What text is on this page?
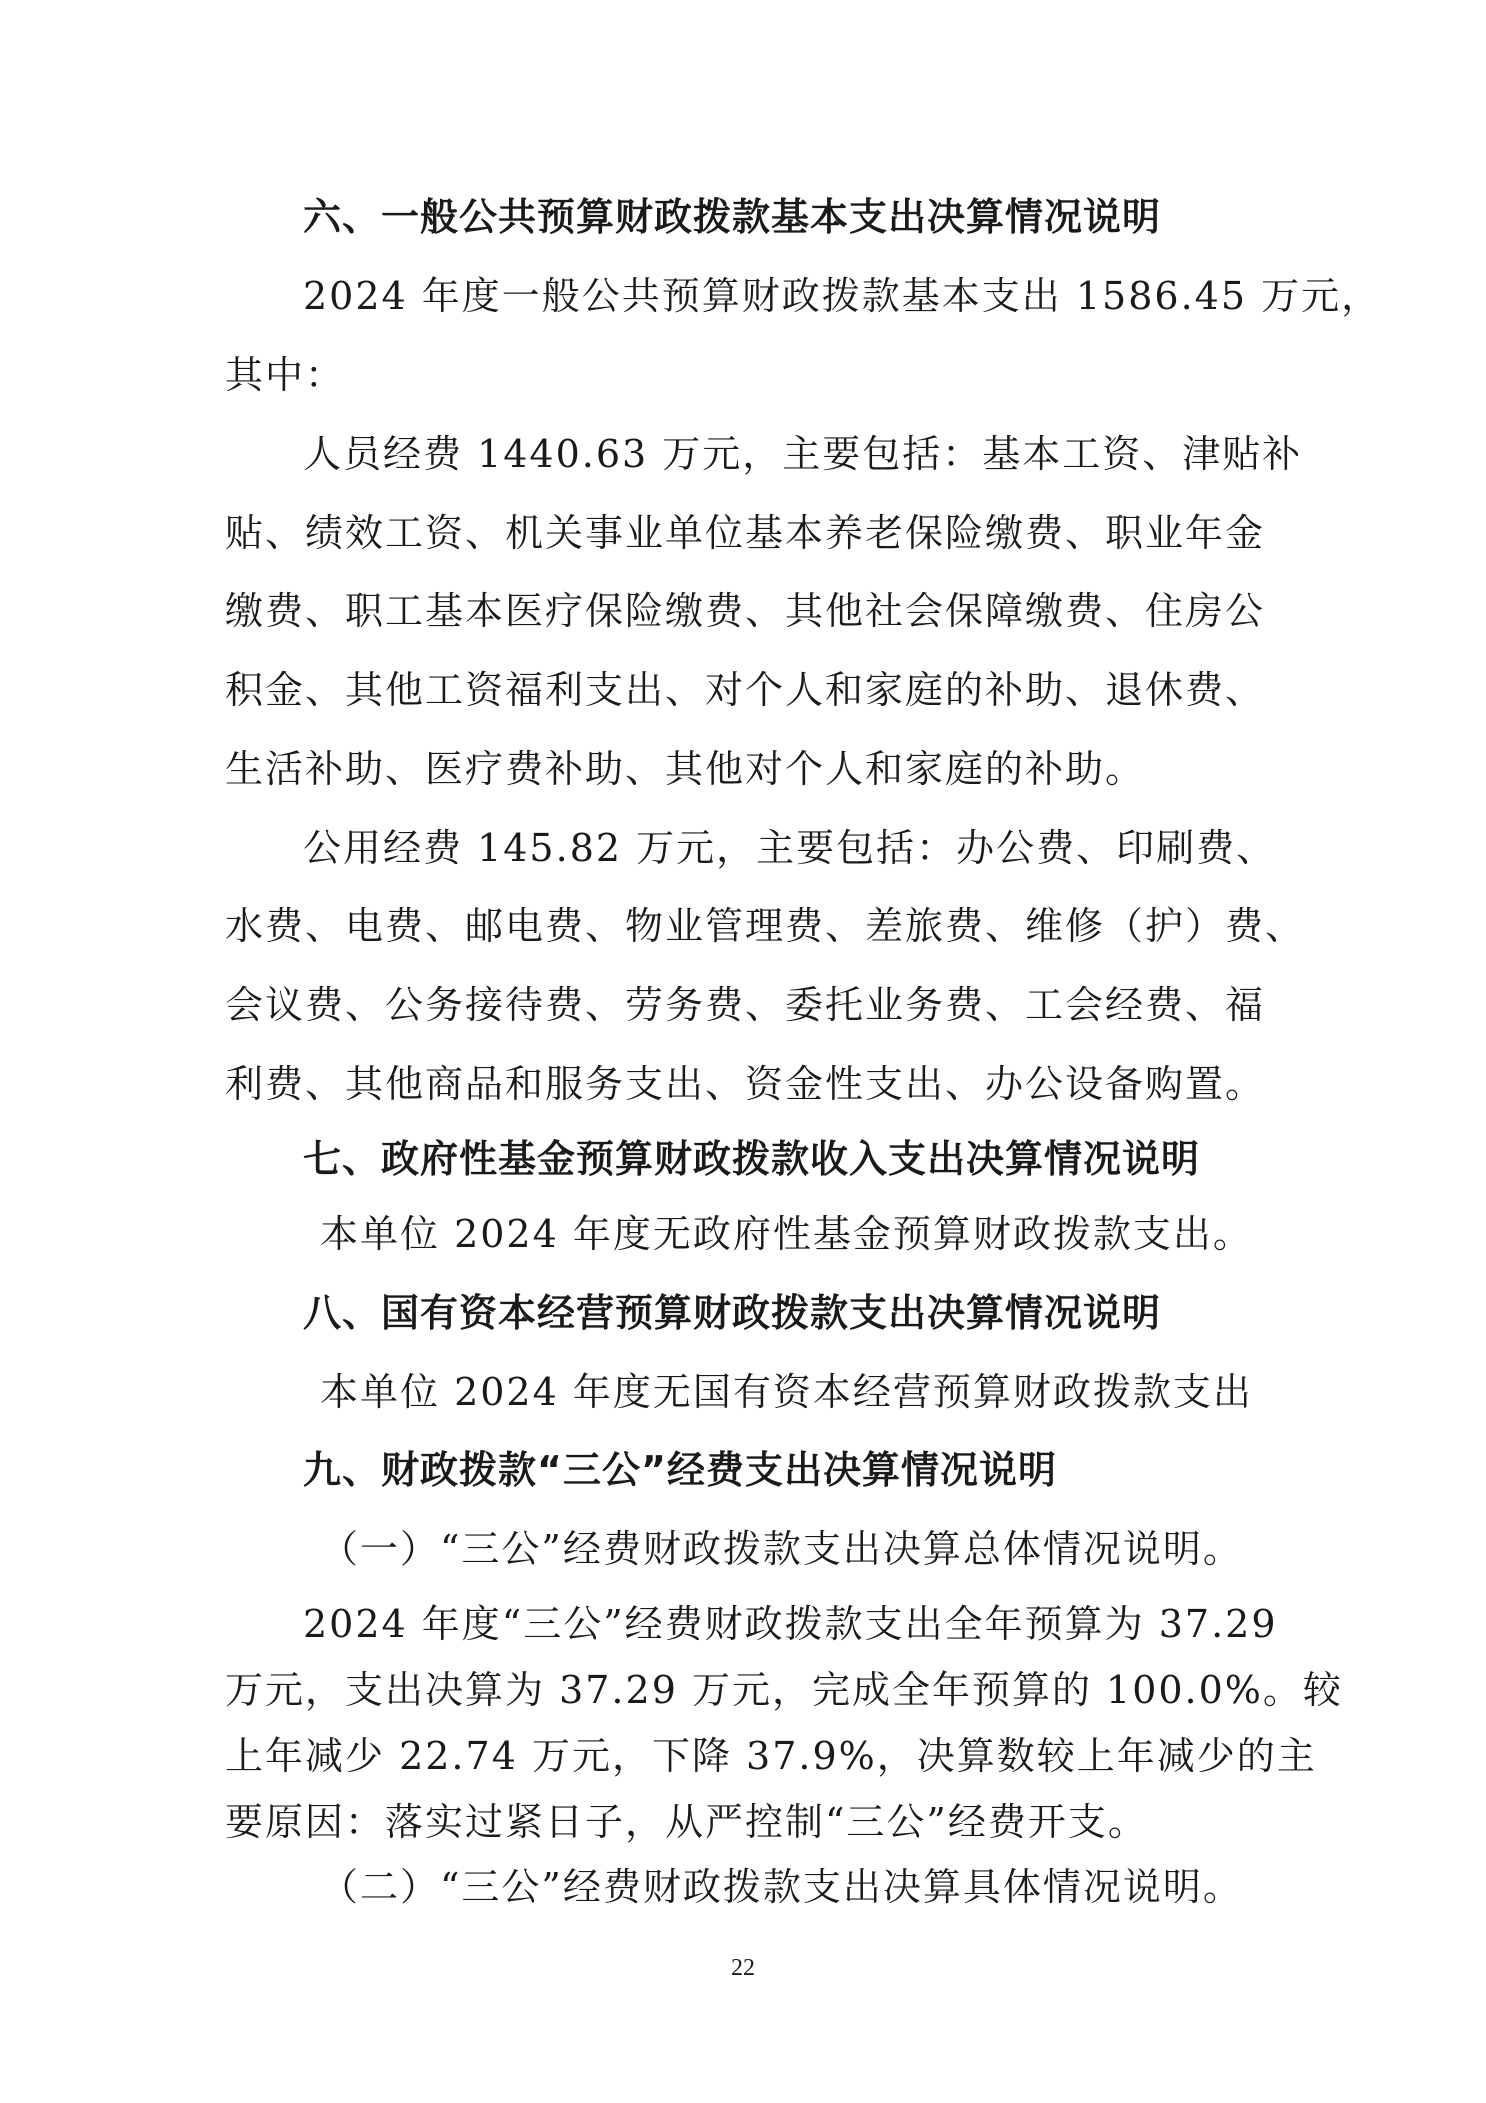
六、一般公共预算财政拨款基本支出决算情况说明
2024 年度一般公共预算财政拨款基本支出 1586.45 万元，
其中：
人员经费 1440.63 万元，主要包括：基本工资、津贴补
贴、绩效工资、机关事业单位基本养老保险缴费、职业年金
缴费、职工基本医疗保险缴费、其他社会保障缴费、住房公
积金、其他工资福利支出、对个人和家庭的补助、退休费、
生活补助、医疗费补助、其他对个人和家庭的补助。
公用经费 145.82 万元，主要包括：办公费、印刷费、
水费、电费、邮电费、物业管理费、差旅费、维修（护）费、
会议费、公务接待费、劳务费、委托业务费、工会经费、福
利费、其他商品和服务支出、资金性支出、办公设备购置。
七、政府性基金预算财政拨款收入支出决算情况说明
本单位 2024 年度无政府性基金预算财政拨款支出。
八、国有资本经营预算财政拨款支出决算情况说明
本单位 2024 年度无国有资本经营预算财政拨款支出
九、财政拨款“三公”经费支出决算情况说明
（一）“三公”经费财政拨款支出决算总体情况说明。
2024 年度“三公”经费财政拨款支出全年预算为 37.29
万元，支出决算为 37.29 万元，完成全年预算的 100.0%。较
上年减少 22.74 万元，下降 37.9%，决算数较上年减少的主
要原因：落实过紧日子，从严控制“三公”经费开支。
（二）“三公”经费财政拨款支出决算具体情况说明。
22
